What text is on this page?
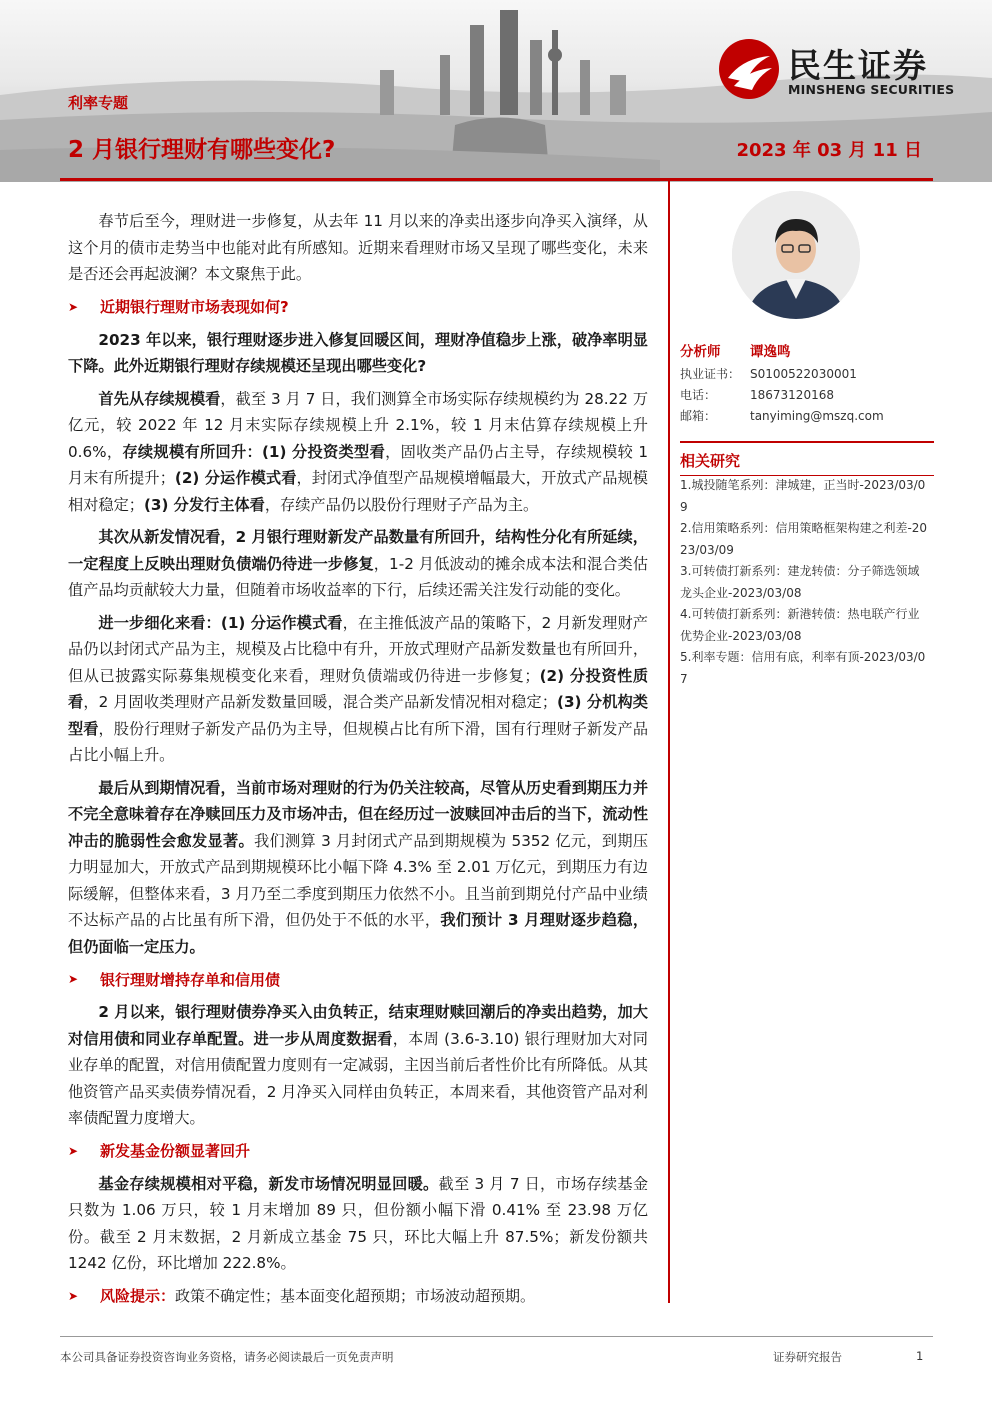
利率专题
2 月银行理财有哪些变化?	2023 年 03 月 11 日
民生证券
MINSHENG SECURITIES

春节后至今，理财进一步修复，从去年 11 月以来的净卖出逐步向净买入演绎，从这个月的债市走势当中也能对此有所感知。近期来看理财市场又呈现了哪些变化，未来是否还会再起波澜？本文聚焦于此。

➤	近期银行理财市场表现如何?

2023 年以来，银行理财逐步进入修复回暖区间，理财净值稳步上涨，破净率明显下降。此外近期银行理财存续规模还呈现出哪些变化?

首先从存续规模看，截至 3 月 7 日，我们测算全市场实际存续规模约为 28.22 万亿元，较 2022 年 12 月末实际存续规模上升 2.1%，较 1 月末估算存续规模上升 0.6%，存续规模有所回升：(1) 分投资类型看，固收类产品仍占主导，存续规模较 1 月末有所提升；(2) 分运作模式看，封闭式净值型产品规模增幅最大，开放式产品规模相对稳定；(3) 分发行主体看，存续产品仍以股份行理财子产品为主。

其次从新发情况看，2 月银行理财新发产品数量有所回升，结构性分化有所延续，一定程度上反映出理财负债端仍待进一步修复，1-2 月低波动的摊余成本法和混合类估值产品均贡献较大力量，但随着市场收益率的下行，后续还需关注发行动能的变化。

进一步细化来看：(1) 分运作模式看，在主推低波产品的策略下，2 月新发理财产品仍以封闭式产品为主，规模及占比稳中有升，开放式理财产品新发数量也有所回升，但从已披露实际募集规模变化来看，理财负债端或仍待进一步修复；(2) 分投资性质看，2 月固收类理财产品新发数量回暖，混合类产品新发情况相对稳定；(3) 分机构类型看，股份行理财子新发产品仍为主导，但规模占比有所下滑，国有行理财子新发产品占比小幅上升。

最后从到期情况看，当前市场对理财的行为仍关注较高，尽管从历史看到期压力并不完全意味着存在净赎回压力及市场冲击，但在经历过一波赎回冲击后的当下，流动性冲击的脆弱性会愈发显著。我们测算 3 月封闭式产品到期规模为 5352 亿元，到期压力明显加大，开放式产品到期规模环比小幅下降 4.3% 至 2.01 万亿元，到期压力有边际缓解，但整体来看，3 月乃至二季度到期压力依然不小。且当前到期兑付产品中业绩不达标产品的占比虽有所下滑，但仍处于不低的水平，我们预计 3 月理财逐步趋稳，但仍面临一定压力。

➤	银行理财增持存单和信用债

2 月以来，银行理财债券净买入由负转正，结束理财赎回潮后的净卖出趋势，加大对信用债和同业存单配置。进一步从周度数据看，本周 (3.6-3.10) 银行理财加大对同业存单的配置，对信用债配置力度则有一定减弱，主因当前后者性价比有所降低。从其他资管产品买卖债券情况看，2 月净买入同样由负转正，本周来看，其他资管产品对利率债配置力度增大。

➤	新发基金份额显著回升

基金存续规模相对平稳，新发市场情况明显回暖。截至 3 月 7 日，市场存续基金只数为 1.06 万只，较 1 月末增加 89 只，但份额小幅下滑 0.41% 至 23.98 万亿份。截至 2 月末数据，2 月新成立基金 75 只，环比大幅上升 87.5%；新发份额共 1242 亿份，环比增加 222.8%。

➤	风险提示： 政策不确定性；基本面变化超预期；市场波动超预期。
分析师	谭逸鸣
执业证书： S0100522030001
电话：	18673120168
邮箱：	tanyiming@mszq.com
相关研究
1.城投随笔系列：津城建，正当时-2023/03/09
2.信用策略系列：信用策略框架构建之利差-2023/03/09
3.可转债打新系列：建龙转债：分子筛选领域龙头企业-2023/03/08
4.可转债打新系列：新港转债：热电联产行业优势企业-2023/03/08
5.利率专题：信用有底，利率有顶-2023/03/07
本公司具备证券投资咨询业务资格，请务必阅读最后一页免责声明	证券研究报告	1
